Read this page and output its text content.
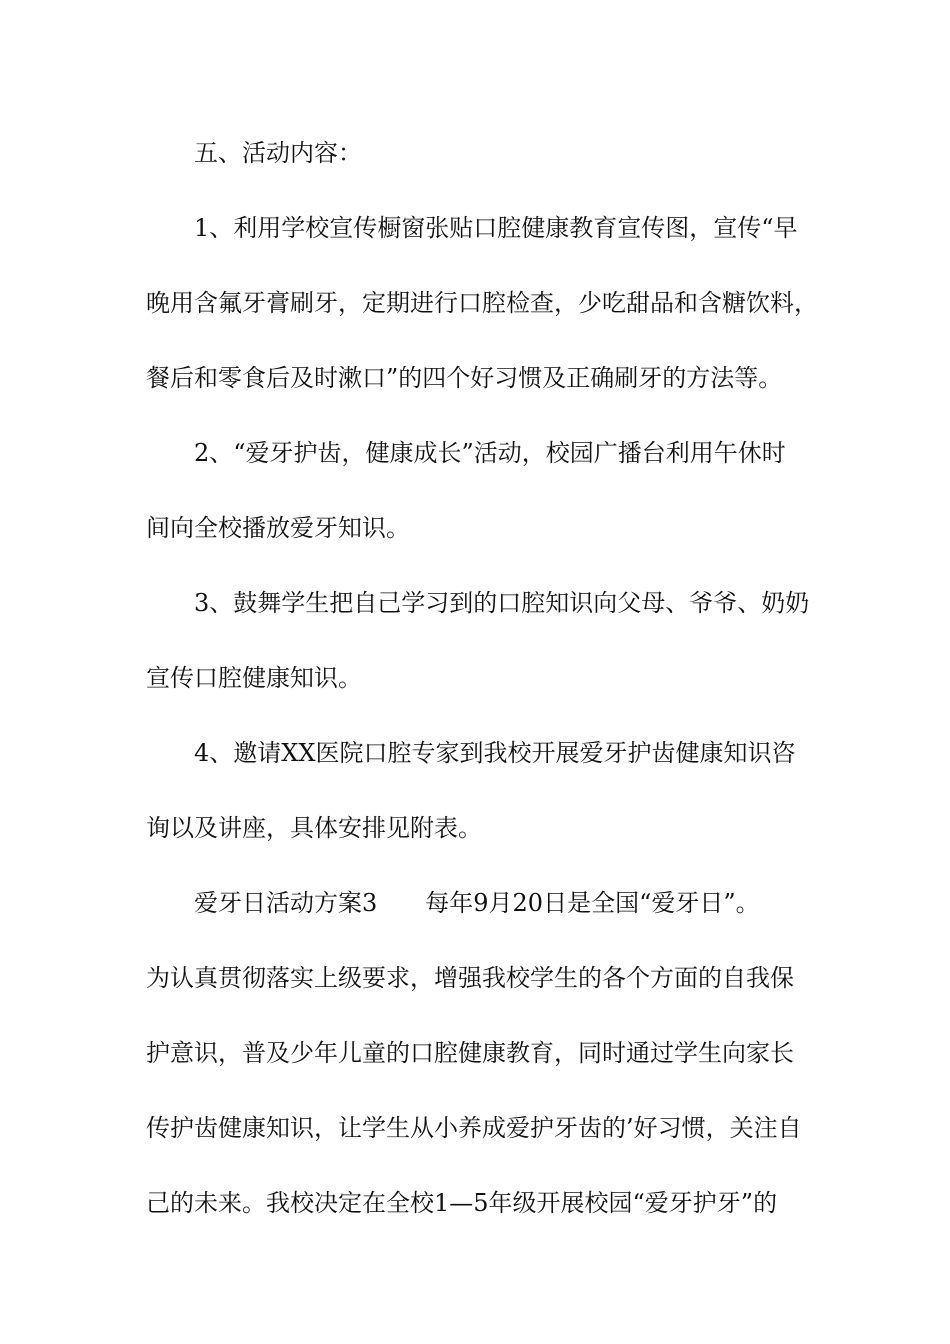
五、活动内容：
1、利用学校宣传橱窗张贴口腔健康教育宣传图，宣传“早
晚用含氟牙膏刷牙，定期进行口腔检查，少吃甜品和含糖饮料，
餐后和零食后及时漱口”的四个好习惯及正确刷牙的方法等。
2、“爱牙护齿，健康成长”活动，校园广播台利用午休时
间向全校播放爱牙知识。
3、鼓舞学生把自己学习到的口腔知识向父母、爷爷、奶奶
宣传口腔健康知识。
4、邀请XX医院口腔专家到我校开展爱牙护齿健康知识咨
询以及讲座，具体安排见附表。
爱牙日活动方案3　　每年9月20日是全国“爱牙日”。
为认真贯彻落实上级要求，增强我校学生的各个方面的自我保
护意识，普及少年儿童的口腔健康教育，同时通过学生向家长
传护齿健康知识，让学生从小养成爱护牙齿的’好习惯，关注自
己的未来。我校决定在全校1—5年级开展校园“爱牙护牙”的
